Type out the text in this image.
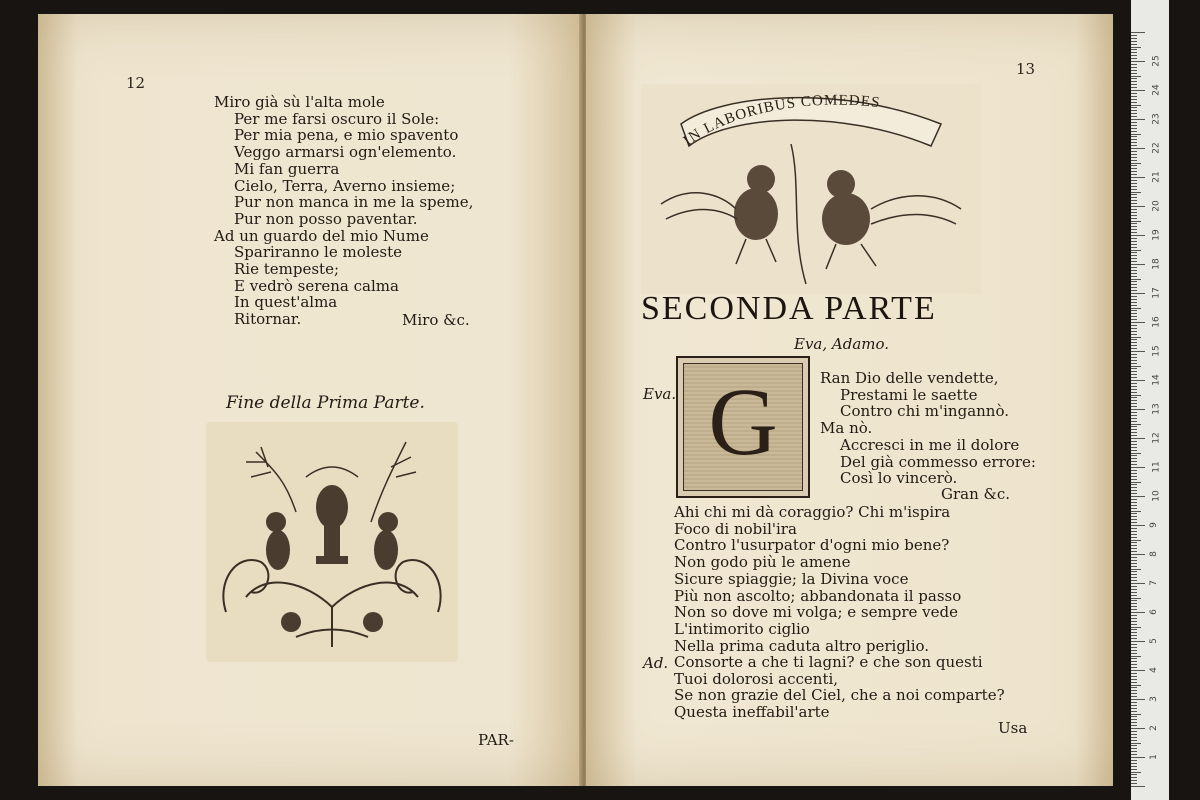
12
Miro già sù l'alta mole
Per me farsi oscuro il Sole:
Per mia pena, e mio spavento
Veggo armarsi ogn'elemento.
Mi fan guerra
Cielo, Terra, Averno insieme;
Pur non manca in me la speme,
Pur non posso paventar.
Ad un guardo del mio Nume
Spariranno le moleste
Rie tempeste;
E vedrò serena calma
In quest'alma
Ritornar.	Miro &c.
Fine della Prima Parte.
PAR-
13
IN LABORIBUS COMEDES
SECONDA PARTE
Eva, Adamo.
Eva. G	Ran Dio delle vendette,
Prestami le saette
Contro chi m'ingannò.
Ma nò.
Accresci in me il dolore
Del già commesso errore:
Così lo vincerò.
Gran &c.
Ahi chi mi dà coraggio? Chi m'ispira
Foco di nobil'ira
Contro l'usurpator d'ogni mio bene?
Non godo più le amene
Sicure spiaggie; la Divina voce
Più non ascolto; abbandonata il passo
Non so dove mi volga; e sempre vede
L'intimorito ciglio
Nella prima caduta altro periglio.
Ad. Consorte a che ti lagni? e che son questi
Tuoi dolorosi accenti,
Se non grazie del Ciel, che a noi comparte?
Questa ineffabil'arte
Usa
25
24
23
22
21
20
19
18
17
16
15
14
13
12
11
10
9
8
7
6
5
4
3
2
1
